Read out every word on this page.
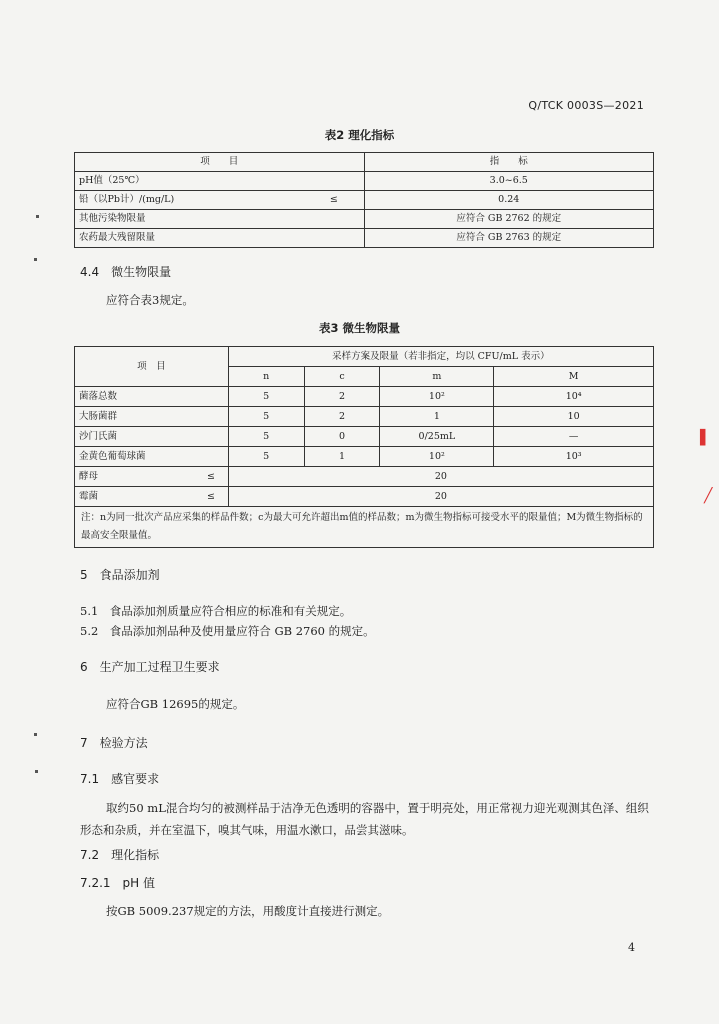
Q/TCK 0003S—2021
表2 理化指标
项　　目		指　　标
pH值（25℃）		3.0~6.5
铅（以Pb计）/(mg/L)	≤	0.24
其他污染物限量		应符合 GB 2762 的规定
农药最大残留限量		应符合 GB 2763 的规定
4.4　微生物限量
应符合表3规定。
表3 微生物限量
项　目		采样方案及限量（若非指定，均以 CFU/mL 表示）			
		n	c	m	M
菌落总数		5	2	10²	10⁴
大肠菌群		5	2	1	10
沙门氏菌		5	0	0/25mL	—
金黄色葡萄球菌		5	1	10²	10³
酵母	≤	20			
霉菌	≤	20			
注：n为同一批次产品应采集的样品件数；c为最大可允许超出m值的样品数；m为微生物指标可接受水平的限量值；M为微生物指标的最高安全限量值。					
5　食品添加剂
5.1　食品添加剂质量应符合相应的标准和有关规定。
5.2　食品添加剂品种及使用量应符合 GB 2760 的规定。
6　生产加工过程卫生要求
应符合GB 12695的规定。
7　检验方法
7.1　感官要求
取约50 mL混合均匀的被测样品于洁净无色透明的容器中，置于明亮处，用正常视力迎光观测其色泽、组织形态和杂质，并在室温下，嗅其气味，用温水漱口，品尝其滋味。
7.2　理化指标
7.2.1　pH 值
按GB 5009.237规定的方法，用酸度计直接进行测定。
4
▌
╱
